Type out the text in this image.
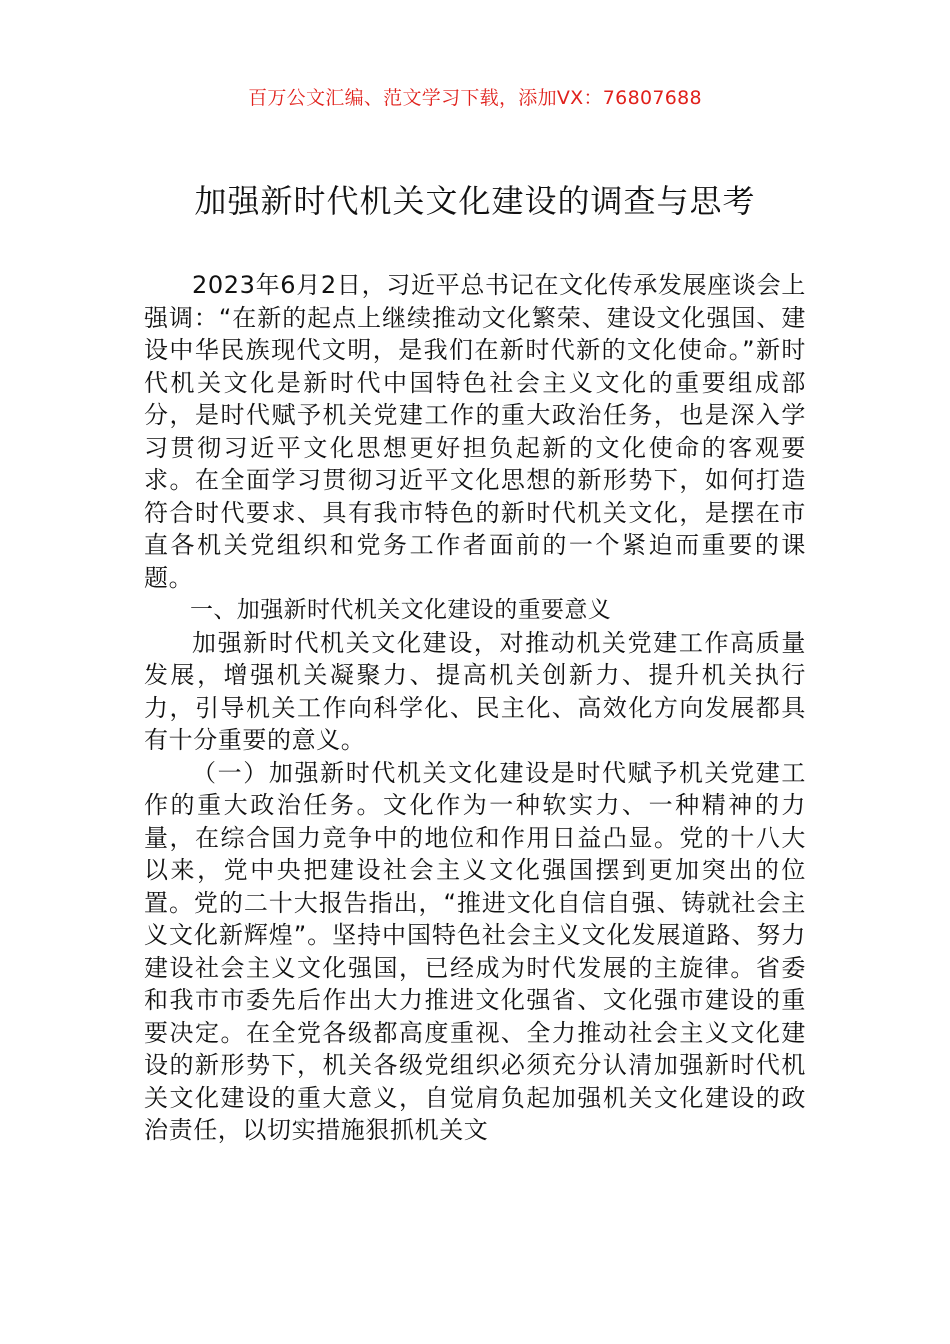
百万公文汇编、范文学习下载，添加VX：76807688
加强新时代机关文化建设的调查与思考

2023年6月2日，习近平总书记在文化传承发展座谈会上强调：“在新的起点上继续推动文化繁荣、建设文化强国、建设中华民族现代文明，是我们在新时代新的文化使命。”新时代机关文化是新时代中国特色社会主义文化的重要组成部分，是时代赋予机关党建工作的重大政治任务，也是深入学习贯彻习近平文化思想更好担负起新的文化使命的客观要求。在全面学习贯彻习近平文化思想的新形势下，如何打造符合时代要求、具有我市特色的新时代机关文化，是摆在市直各机关党组织和党务工作者面前的一个紧迫而重要的课题。

一、加强新时代机关文化建设的重要意义

加强新时代机关文化建设，对推动机关党建工作高质量发展，增强机关凝聚力、提高机关创新力、提升机关执行力，引导机关工作向科学化、民主化、高效化方向发展都具有十分重要的意义。

（一）加强新时代机关文化建设是时代赋予机关党建工作的重大政治任务。文化作为一种软实力、一种精神的力量，在综合国力竞争中的地位和作用日益凸显。党的十八大以来，党中央把建设社会主义文化强国摆到更加突出的位置。党的二十大报告指出，“推进文化自信自强、铸就社会主义文化新辉煌”。坚持中国特色社会主义文化发展道路、努力建设社会主义文化强国，已经成为时代发展的主旋律。省委和我市市委先后作出大力推进文化强省、文化强市建设的重要决定。在全党各级都高度重视、全力推动社会主义文化建设的新形势下，机关各级党组织必须充分认清加强新时代机关文化建设的重大意义，自觉肩负起加强机关文化建设的政治责任，以切实措施狠抓机关文
